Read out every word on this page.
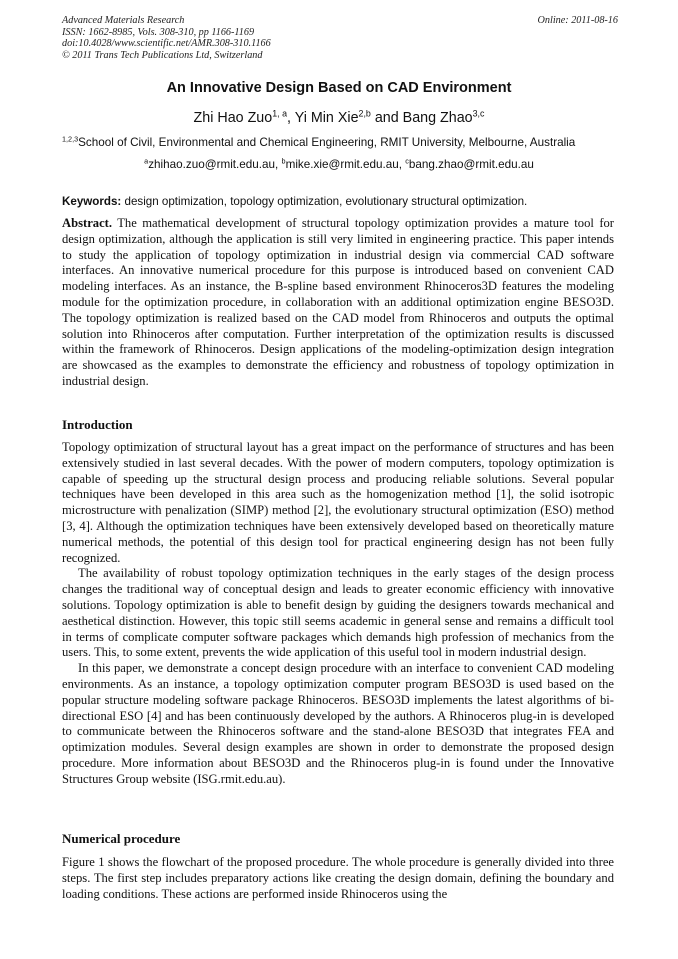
Advanced Materials Research
ISSN: 1662-8985, Vols. 308-310, pp 1166-1169
doi:10.4028/www.scientific.net/AMR.308-310.1166
© 2011 Trans Tech Publications Ltd, Switzerland
Online: 2011-08-16
An Innovative Design Based on CAD Environment
Zhi Hao Zuo$^{1, a}$, Yi Min Xie$^{2,b}$ and Bang Zhao$^{3,c}$
$^{1,2,3}$School of Civil, Environmental and Chemical Engineering, RMIT University, Melbourne, Australia
$^a$zhihao.zuo@rmit.edu.au, $^b$mike.xie@rmit.edu.au, $^c$bang.zhao@rmit.edu.au
Keywords: design optimization, topology optimization, evolutionary structural optimization.
Abstract. The mathematical development of structural topology optimization provides a mature tool for design optimization, although the application is still very limited in engineering practice. This paper intends to study the application of topology optimization in industrial design via commercial CAD software interfaces. An innovative numerical procedure for this purpose is introduced based on convenient CAD modeling interfaces. As an instance, the B-spline based environment Rhinoceros3D features the modeling module for the optimization procedure, in collaboration with an additional optimization engine BESO3D. The topology optimization is realized based on the CAD model from Rhinoceros and outputs the optimal solution into Rhinoceros after computation. Further interpretation of the optimization results is discussed within the framework of Rhinoceros. Design applications of the modeling-optimization design integration are showcased as the examples to demonstrate the efficiency and robustness of topology optimization in industrial design.
Introduction

Topology optimization of structural layout has a great impact on the performance of structures and has been extensively studied in last several decades. With the power of modern computers, topology optimization is capable of speeding up the structural design process and producing reliable solutions. Several popular techniques have been developed in this area such as the homogenization method [1], the solid isotropic microstructure with penalization (SIMP) method [2], the evolutionary structural optimization (ESO) method [3, 4]. Although the optimization techniques have been extensively developed based on theoretically mature numerical methods, the potential of this design tool for practical engineering design has not been fully recognized.

The availability of robust topology optimization techniques in the early stages of the design process changes the traditional way of conceptual design and leads to greater economic efficiency with innovative solutions. Topology optimization is able to benefit design by guiding the designers towards mechanical and aesthetical distinction. However, this topic still seems academic in general sense and remains a difficult tool in terms of complicate computer software packages which demands high profession of mechanics from the users. This, to some extent, prevents the wide application of this useful tool in modern industrial design.

In this paper, we demonstrate a concept design procedure with an interface to convenient CAD modeling environments. As an instance, a topology optimization computer program BESO3D is used based on the popular structure modeling software package Rhinoceros. BESO3D implements the latest algorithms of bi-directional ESO [4] and has been continuously developed by the authors. A Rhinoceros plug-in is developed to communicate between the Rhinoceros software and the stand-alone BESO3D that integrates FEA and optimization modules. Several design examples are shown in order to demonstrate the proposed design procedure. More information about BESO3D and the Rhinoceros plug-in is found under the Innovative Structures Group website (ISG.rmit.edu.au).

Numerical procedure
Figure 1 shows the flowchart of the proposed procedure. The whole procedure is generally divided into three steps. The first step includes preparatory actions like creating the design domain, defining the boundary and loading conditions. These actions are performed inside Rhinoceros using the
